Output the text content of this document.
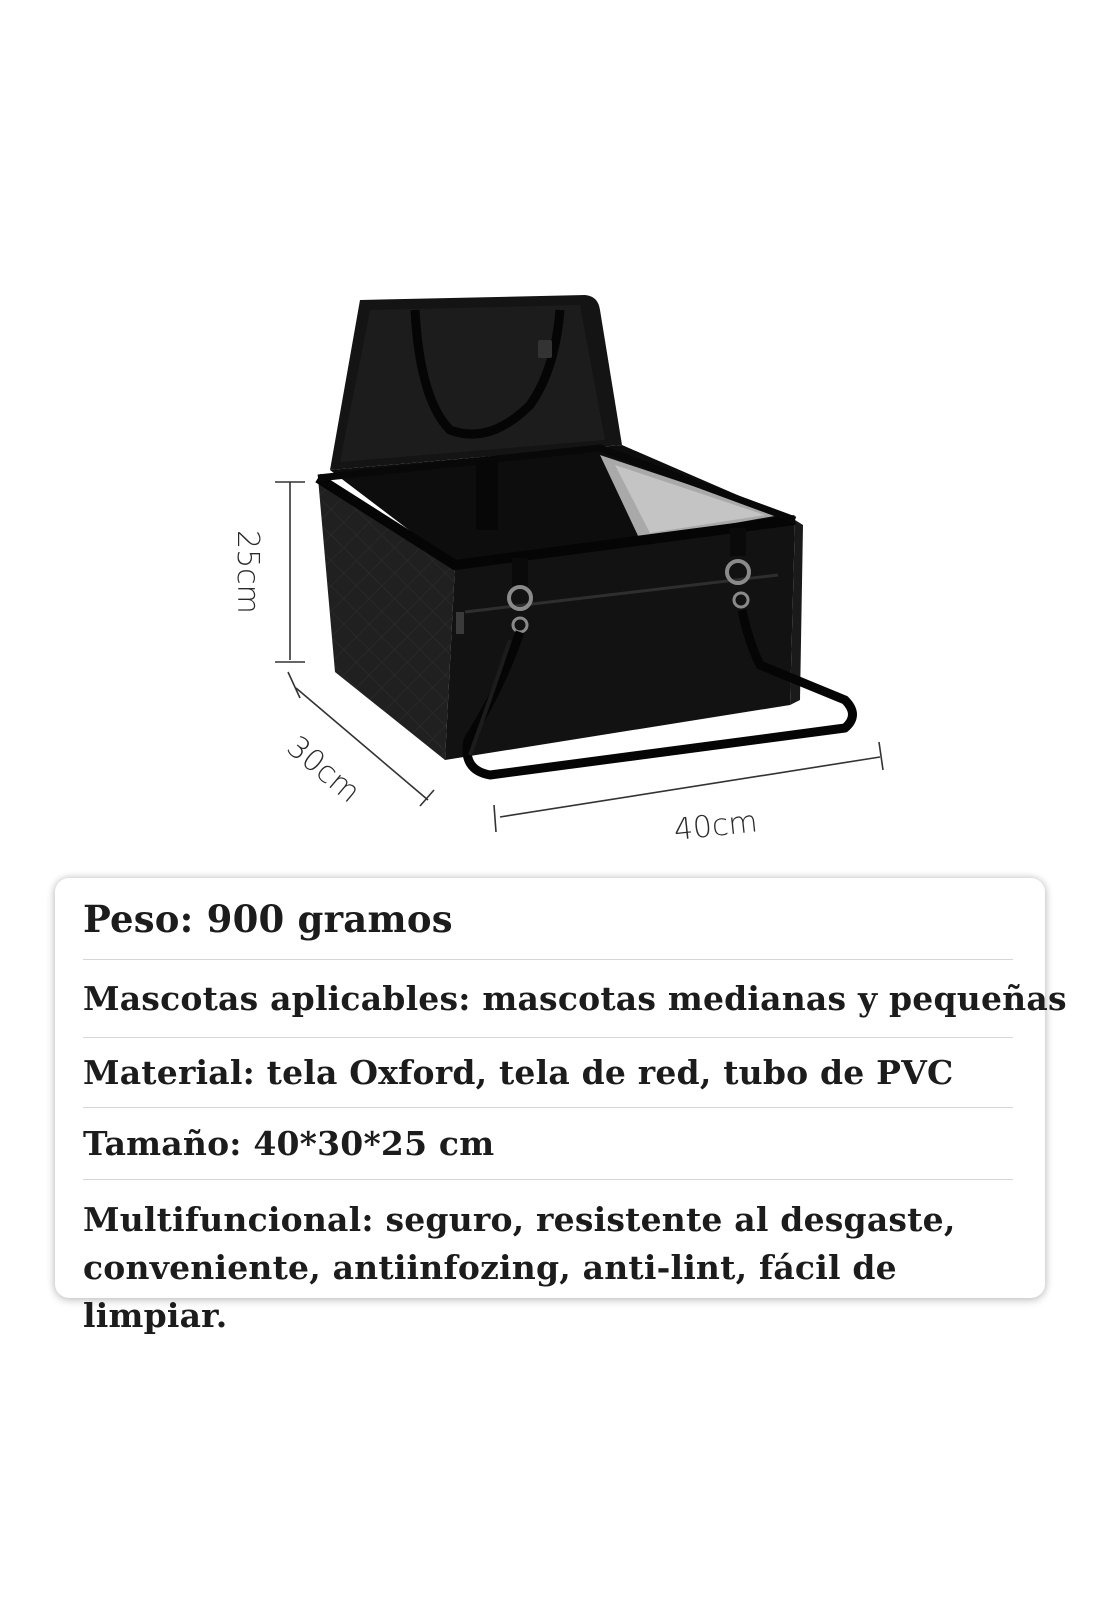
25cm
30cm
40cm
Peso: 900 gramos
Mascotas aplicables: mascotas medianas y pequeñas
Material: tela Oxford, tela de red, tubo de PVC
Tamaño: 40*30*25 cm
Multifuncional: seguro, resistente al desgaste, conveniente, antiinfozing, anti-lint, fácil de limpiar.
